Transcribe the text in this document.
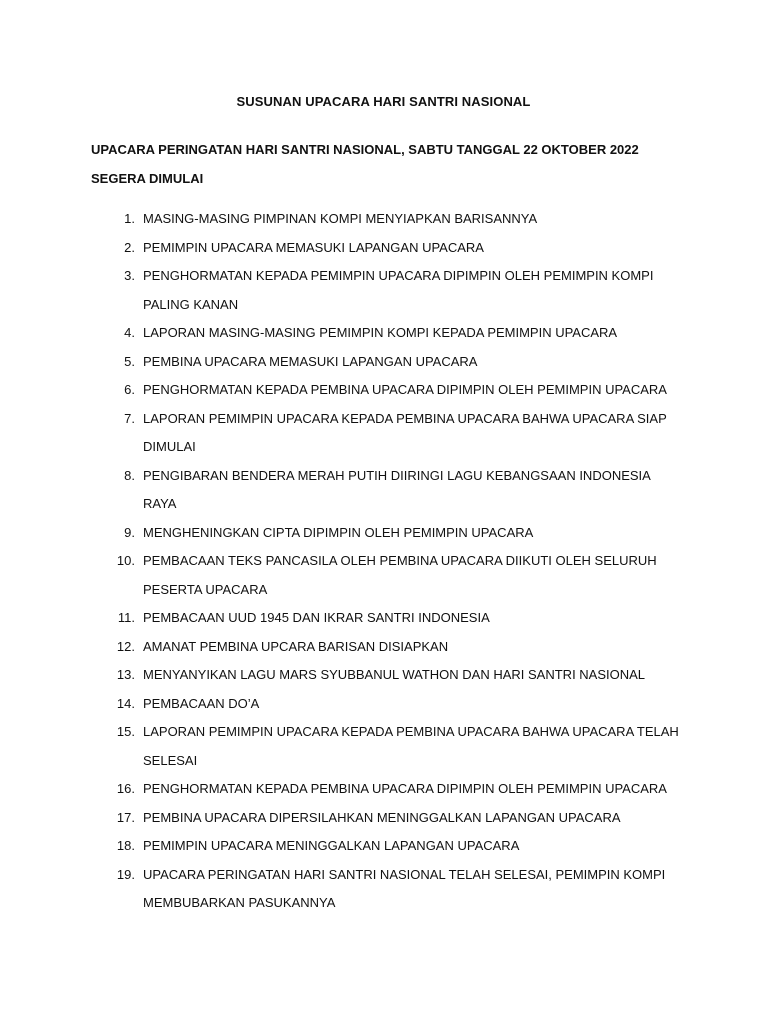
SUSUNAN UPACARA HARI SANTRI NASIONAL
UPACARA PERINGATAN HARI SANTRI NASIONAL, SABTU TANGGAL 22 OKTOBER 2022 SEGERA DIMULAI
1. MASING-MASING PIMPINAN KOMPI MENYIAPKAN BARISANNYA
2. PEMIMPIN UPACARA MEMASUKI LAPANGAN UPACARA
3. PENGHORMATAN KEPADA PEMIMPIN UPACARA DIPIMPIN OLEH PEMIMPIN KOMPI PALING KANAN
4. LAPORAN MASING-MASING PEMIMPIN KOMPI KEPADA PEMIMPIN UPACARA
5. PEMBINA UPACARA MEMASUKI LAPANGAN UPACARA
6. PENGHORMATAN KEPADA PEMBINA UPACARA DIPIMPIN OLEH PEMIMPIN UPACARA
7. LAPORAN PEMIMPIN UPACARA KEPADA PEMBINA UPACARA BAHWA UPACARA SIAP DIMULAI
8. PENGIBARAN BENDERA MERAH PUTIH DIIRINGI LAGU KEBANGSAAN INDONESIA RAYA
9. MENGHENINGKAN CIPTA DIPIMPIN OLEH PEMIMPIN UPACARA
10. PEMBACAAN TEKS PANCASILA OLEH PEMBINA UPACARA DIIKUTI OLEH SELURUH PESERTA UPACARA
11. PEMBACAAN UUD 1945 DAN IKRAR SANTRI INDONESIA
12. AMANAT PEMBINA UPCARA BARISAN DISIAPKAN
13. MENYANYIKAN LAGU MARS SYUBBANUL WATHON DAN HARI SANTRI NASIONAL
14. PEMBACAAN DO’A
15. LAPORAN PEMIMPIN UPACARA KEPADA PEMBINA UPACARA BAHWA UPACARA TELAH SELESAI
16. PENGHORMATAN KEPADA PEMBINA UPACARA DIPIMPIN OLEH PEMIMPIN UPACARA
17. PEMBINA UPACARA DIPERSILAHKAN MENINGGALKAN LAPANGAN UPACARA
18. PEMIMPIN UPACARA MENINGGALKAN LAPANGAN UPACARA
19. UPACARA PERINGATAN HARI SANTRI NASIONAL TELAH SELESAI, PEMIMPIN KOMPI MEMBUBARKAN PASUKANNYA
